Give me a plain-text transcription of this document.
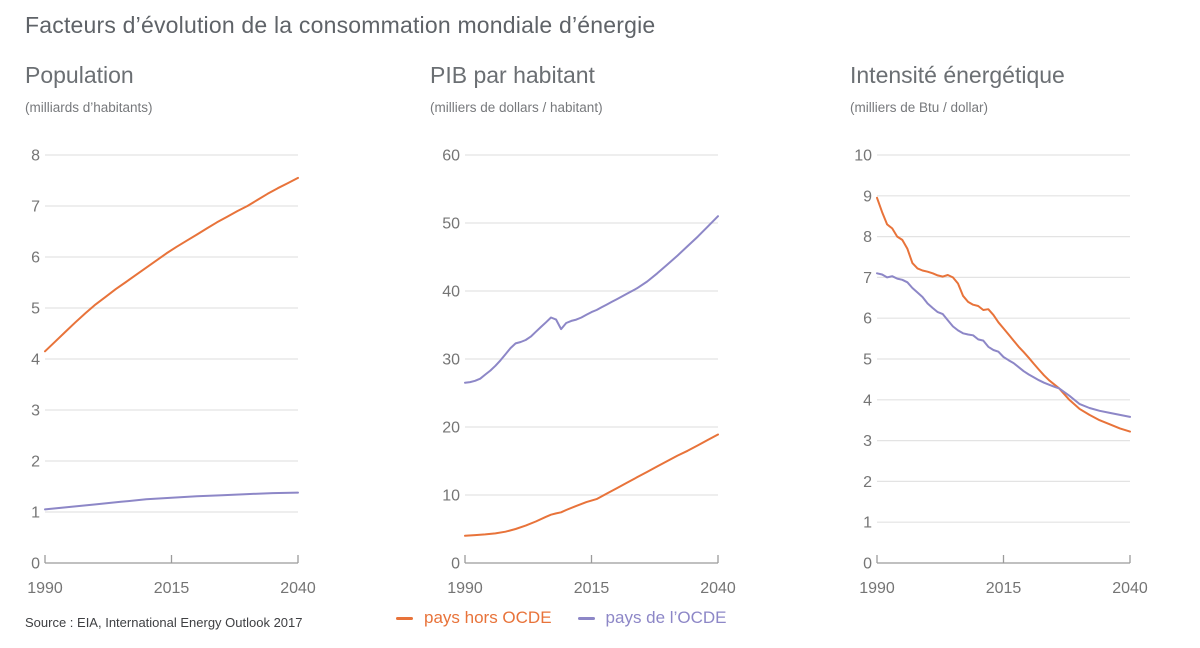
Facteurs d’évolution de la consommation mondiale d’énergie
Population
(milliards d’habitants)
PIB par habitant
(milliers de dollars / habitant)
Intensité énergétique
(milliers de Btu / dollar)
0
1
2
3
4
5
6
7
8
1990	2015	2040
0
10
20
30
40
50
60
1990	2015	2040
0
1
2
3
4
5
6
7
8
9
10
1990	2015	2040
pays hors OCDE	pays de l’OCDE
Source : EIA, International Energy Outlook 2017
